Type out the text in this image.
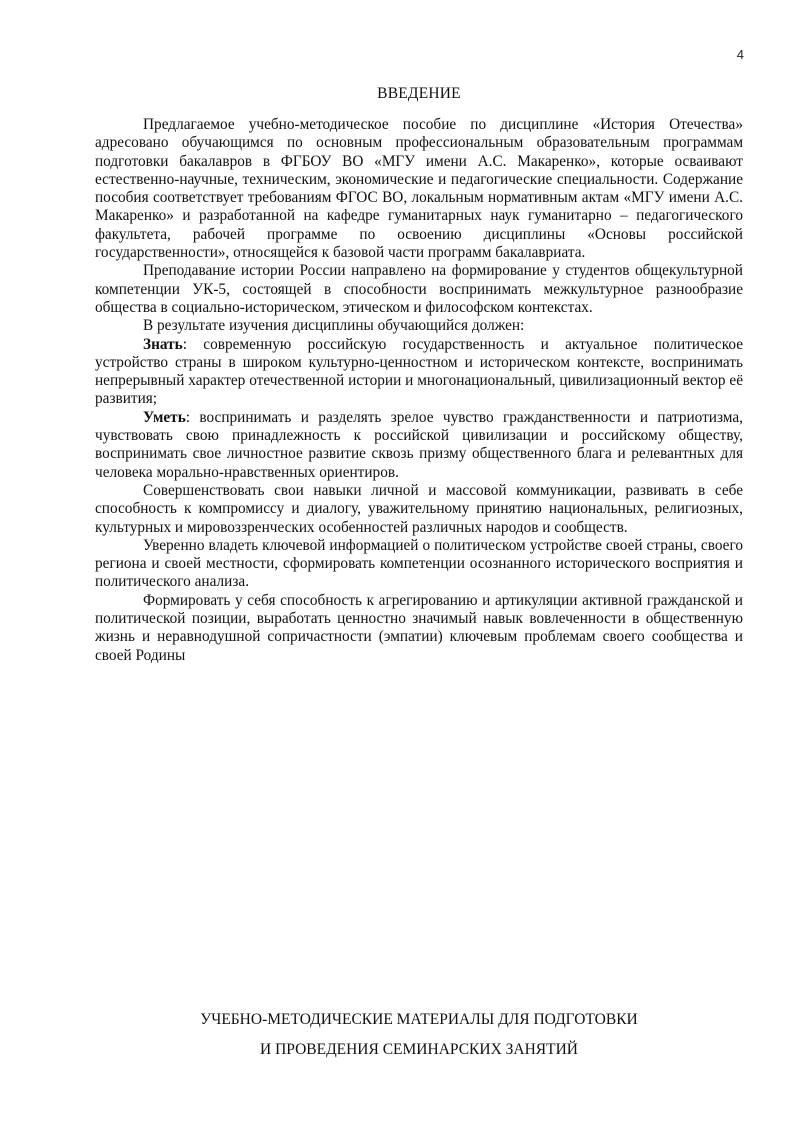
4
ВВЕДЕНИЕ

Предлагаемое учебно-методическое пособие по дисциплине «История Отечества» адресовано обучающимся по основным профессиональным образовательным программам подготовки бакалавров в ФГБОУ ВО «МГУ имени А.С. Макаренко», которые осваивают естественно-научные, техническим, экономические и педагогические специальности. Содержание пособия соответствует требованиям ФГОС ВО, локальным нормативным актам «МГУ имени А.С. Макаренко» и разработанной на кафедре гуманитарных наук гуманитарно – педагогического факультета, рабочей программе по освоению дисциплины «Основы российской государственности», относящейся к базовой части программ бакалавриата.

Преподавание истории России направлено на формирование у студентов общекультурной компетенции УК-5, состоящей в способности воспринимать межкультурное разнообразие общества в социально-историческом, этическом и философском контекстах.

В результате изучения дисциплины обучающийся должен:

Знать: современную российскую государственность и актуальное политическое устройство страны в широком культурно-ценностном и историческом контексте, воспринимать непрерывный характер отечественной истории и многонациональный, цивилизационный вектор её развития;

Уметь: воспринимать и разделять зрелое чувство гражданственности и патриотизма, чувствовать свою принадлежность к российской цивилизации и российскому обществу, воспринимать свое личностное развитие сквозь призму общественного блага и релевантных для человека морально-нравственных ориентиров.

Совершенствовать свои навыки личной и массовой коммуникации, развивать в себе способность к компромиссу и диалогу, уважительному принятию национальных, религиозных, культурных и мировоззренческих особенностей различных народов и сообществ.

Уверенно владеть ключевой информацией о политическом устройстве своей страны, своего региона и своей местности, сформировать компетенции осознанного исторического восприятия и политического анализа.

Формировать у себя способность к агрегированию и артикуляции активной гражданской и политической позиции, выработать ценностно значимый навык вовлеченности в общественную жизнь и неравнодушной сопричастности (эмпатии) ключевым проблемам своего сообщества и своей Родины

УЧЕБНО-МЕТОДИЧЕСКИЕ МАТЕРИАЛЫ ДЛЯ ПОДГОТОВКИ
И ПРОВЕДЕНИЯ СЕМИНАРСКИХ ЗАНЯТИЙ
